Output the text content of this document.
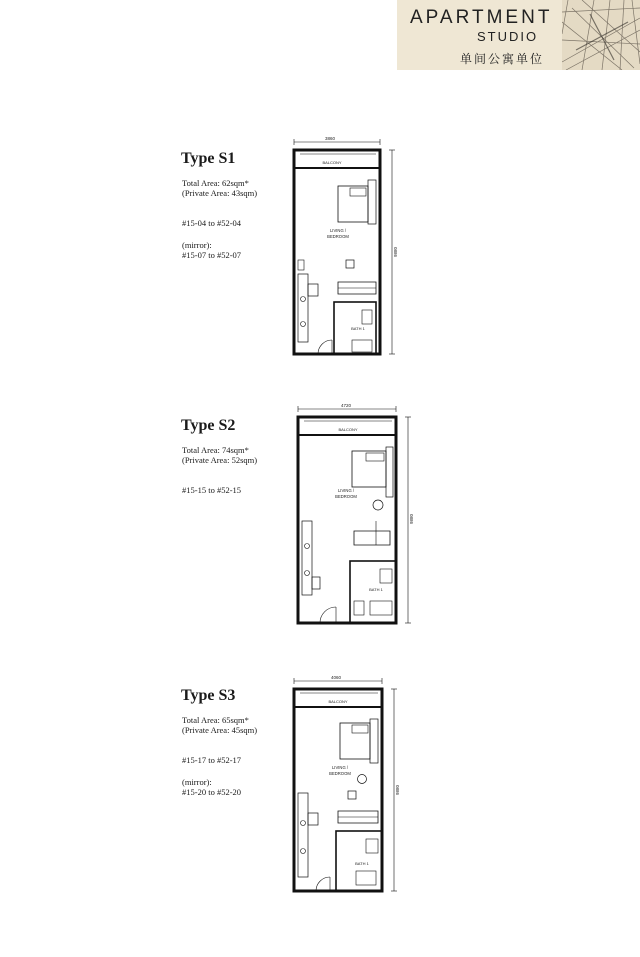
APARTMENT
STUDIO
单间公寓单位
Type S1
Total Area: 62sqm*
(Private Area: 43sqm)
#15-04 to #52-04
(mirror):
#15-07 to #52-07
3860
9880
BALCONY
LIVING /
BEDROOM
BATH 1
Type S2
Total Area: 74sqm*
(Private Area: 52sqm)
#15-15 to #52-15
4720
9880
BALCONY
LIVING /
BEDROOM
BATH 1
Type S3
Total Area: 65sqm*
(Private Area: 45sqm)
#15-17 to #52-17
(mirror):
#15-20 to #52-20
4060
9880
BALCONY
LIVING /
BEDROOM
BATH 1
